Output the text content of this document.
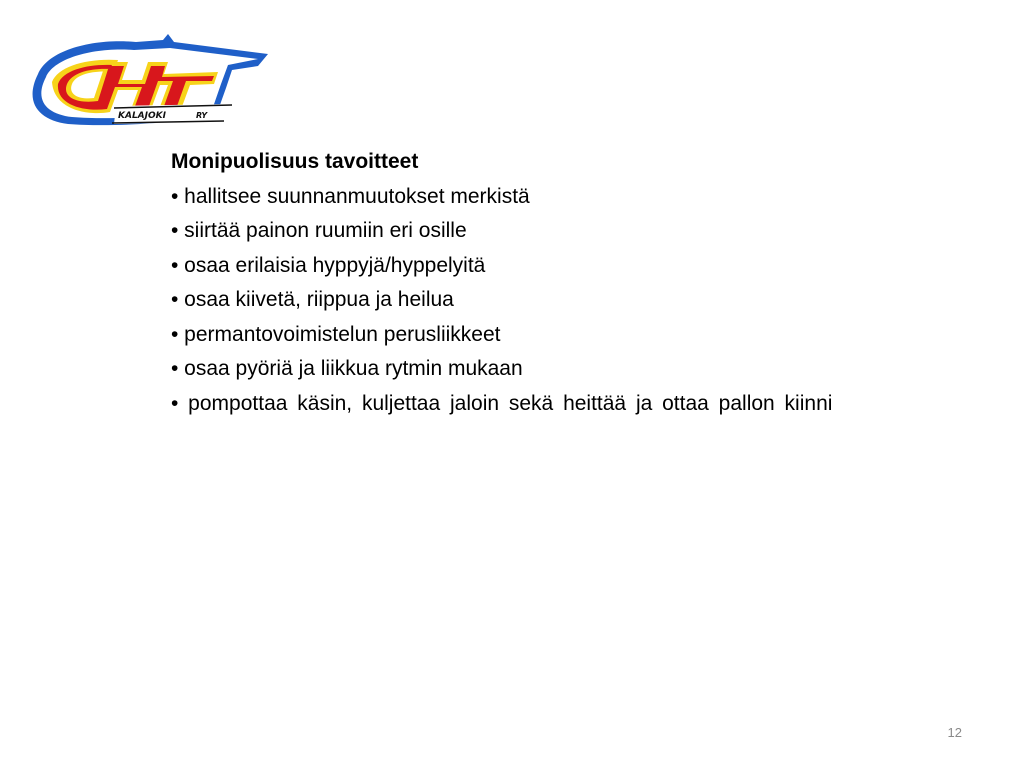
KALAJOKI	RY
Monipuolisuus tavoitteet
• hallitsee suunnanmuutokset merkistä
• siirtää painon ruumiin eri osille
• osaa erilaisia hyppyjä/hyppelyitä
• osaa kiivetä, riippua ja heilua
• permantovoimistelun perusliikkeet
• osaa pyöriä ja liikkua rytmin mukaan
• pompottaa käsin, kuljettaa jaloin sekä heittää ja ottaa pallon kiinni
12
